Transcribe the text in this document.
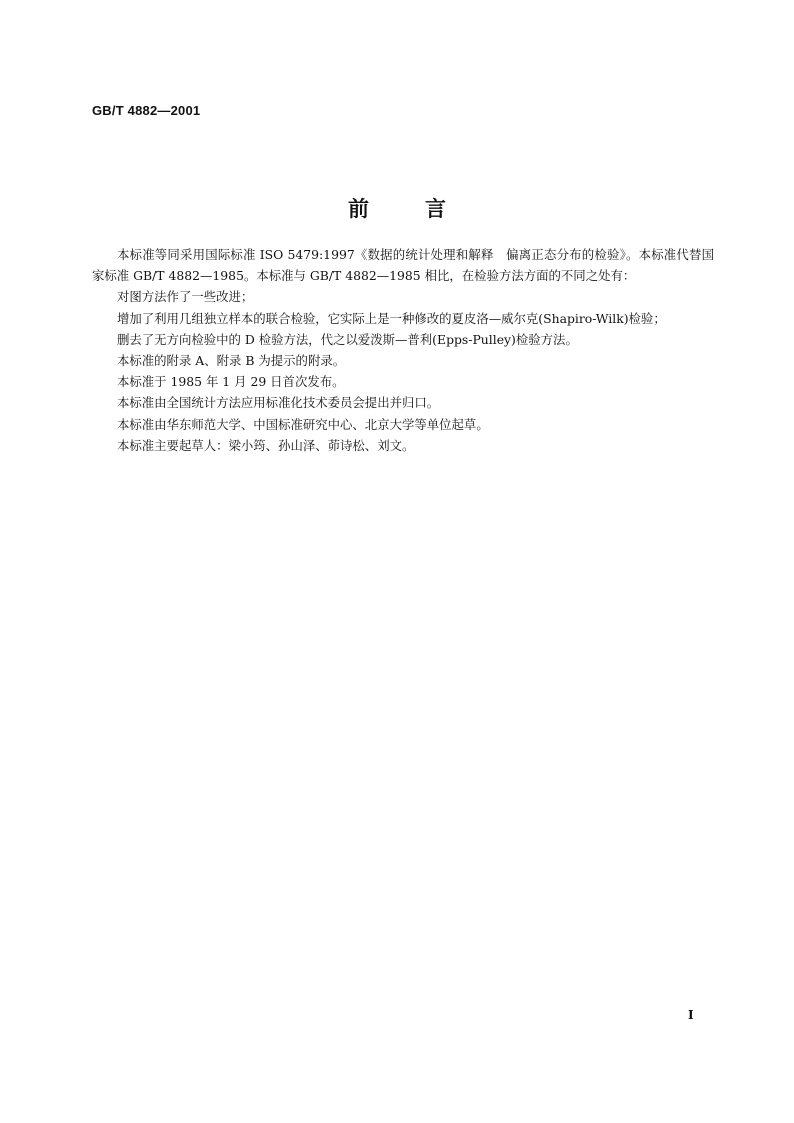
GB/T 4882—2001
前	言

本标准等同采用国际标准 ISO 5479:1997《数据的统计处理和解释　偏离正态分布的检验》。本标准代替国家标准 GB/T 4882—1985。本标准与 GB/T 4882—1985 相比，在检验方法方面的不同之处有：

对图方法作了一些改进；

增加了利用几组独立样本的联合检验，它实际上是一种修改的夏皮洛—威尔克(Shapiro-Wilk)检验；

删去了无方向检验中的 D 检验方法，代之以爱泼斯—普利(Epps-Pulley)检验方法。

本标准的附录 A、附录 B 为提示的附录。

本标准于 1985 年 1 月 29 日首次发布。

本标准由全国统计方法应用标准化技术委员会提出并归口。

本标准由华东师范大学、中国标准研究中心、北京大学等单位起草。

本标准主要起草人：梁小筠、孙山泽、茆诗松、刘文。

Ⅰ
